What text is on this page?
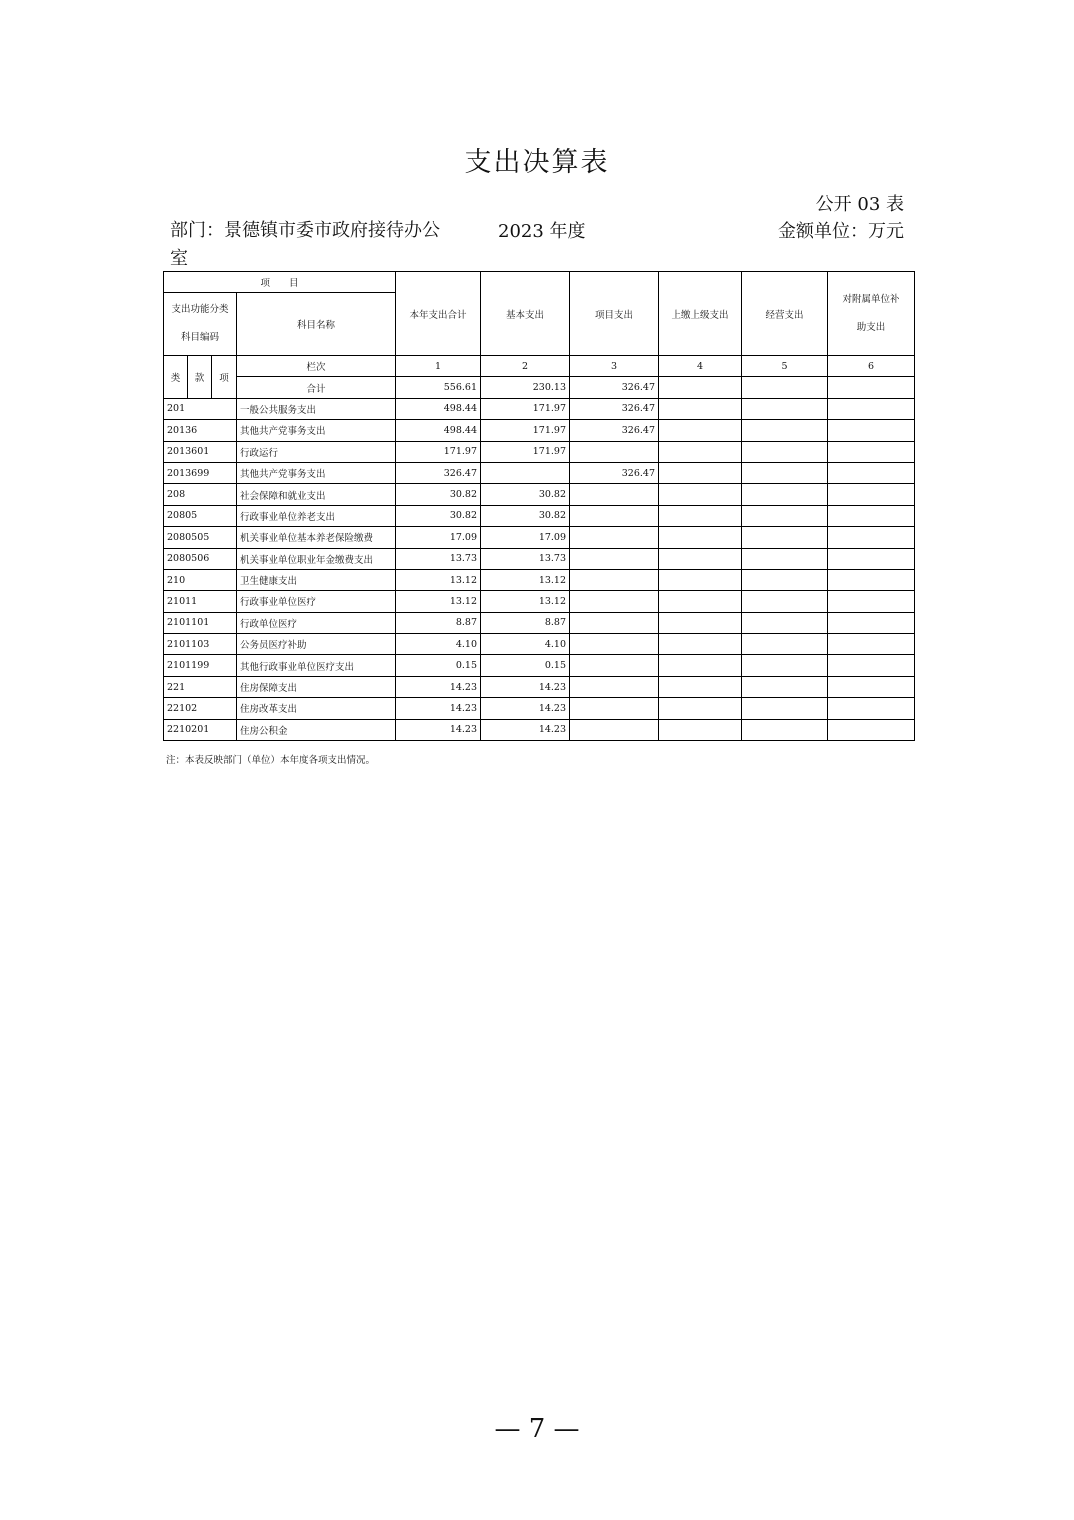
支出决算表
公开 03 表
部门：景德镇市委市政府接待办公室
2023 年度	金额单位：万元
项　　目				本年支出合计	基本支出	项目支出	上缴上级支出	经营支出	对附属单位补助支出
支出功能分类
科目编码			科目名称						

类	款	项	栏次	1	2	3	4	5	6
			合计	556.61	230.13	326.47			
201			一般公共服务支出	498.44	171.97	326.47			
20136			其他共产党事务支出	498.44	171.97	326.47			
2013601			行政运行	171.97	171.97				
2013699			其他共产党事务支出	326.47		326.47			
208			社会保障和就业支出	30.82	30.82				
20805			行政事业单位养老支出	30.82	30.82				
2080505			机关事业单位基本养老保险缴费	17.09	17.09				
2080506			机关事业单位职业年金缴费支出	13.73	13.73				
210			卫生健康支出	13.12	13.12				
21011			行政事业单位医疗	13.12	13.12				
2101101			行政单位医疗	8.87	8.87				
2101103			公务员医疗补助	4.10	4.10				
2101199			其他行政事业单位医疗支出	0.15	0.15				
221			住房保障支出	14.23	14.23				
22102			住房改革支出	14.23	14.23				
2210201			住房公积金	14.23	14.23				
注：本表反映部门（单位）本年度各项支出情况。
— 7 —
